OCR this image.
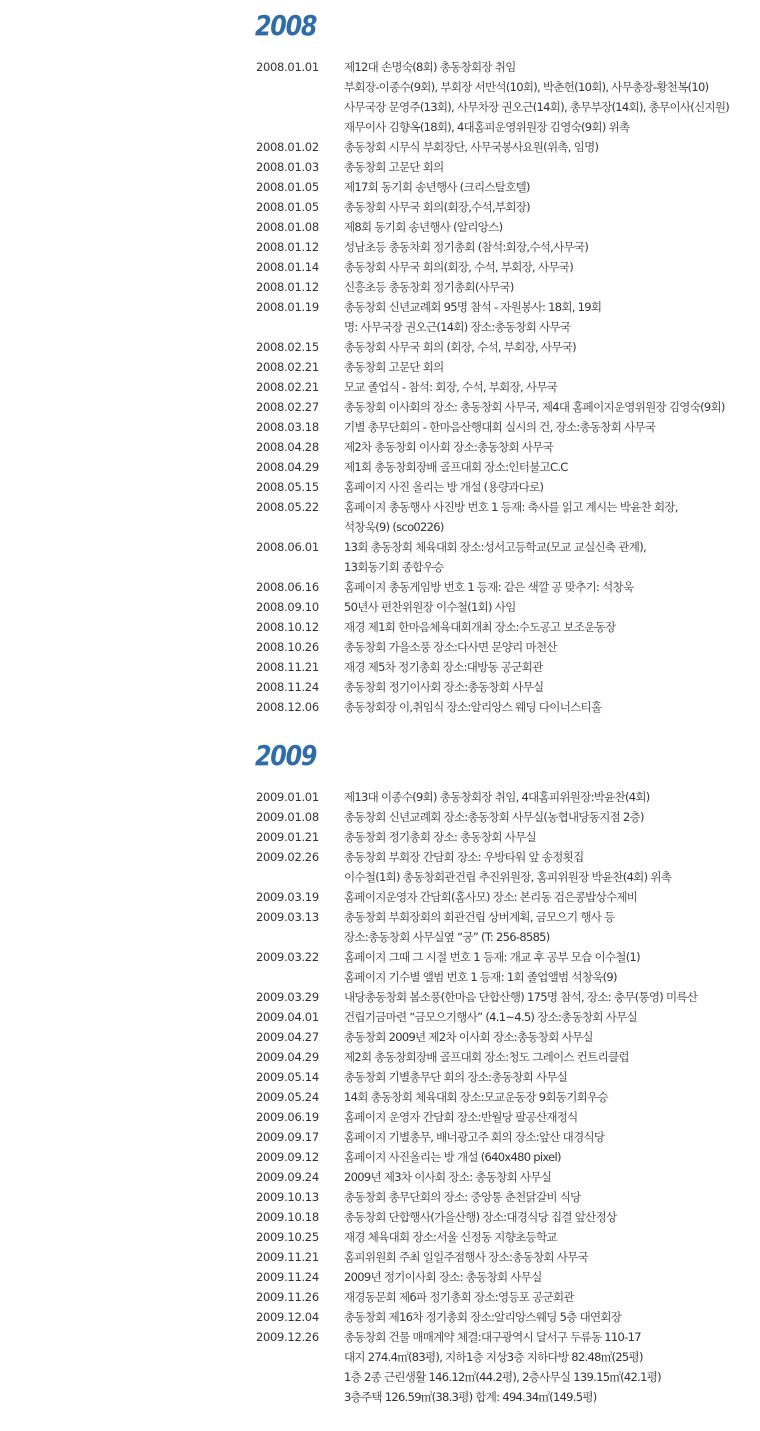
2008
2008.01.01 제12대 손명숙(8회) 총동창회장 취임
부회장-이종수(9회), 부회장 서만석(10회), 박춘헌(10회), 사무총장-황천복(10)
사무국장 문영주(13회), 사무차장 권오근(14회), 총무부장(14회), 총무이사(신지원)
재무이사 김향옥(18회), 4대홈피운영위원장 김영숙(9회) 위촉
2008.01.02 총동창회 시무식 부회장단, 사무국봉사요원(위촉, 임명)
2008.01.03 총동창회 고문단 회의
2008.01.05 제17회 동기회 송년행사 (크리스탈호텔)
2008.01.05 총동창회 사무국 회의(회장,수석,부회장)
2008.01.08 제8회 동기회 송년행사 (알리앙스)
2008.01.12 성남초등 총동차회 정기총회 (참석:회장,수석,사무국)
2008.01.14 총동창회 사무국 회의(회장, 수석, 부회장, 사무국)
2008.01.12 신흥초등 총동창회 정기총회(사무국)
2008.01.19 총동창회 신년교례회 95명 참석 - 자원봉사: 18회, 19회
명: 사무국장 권오근(14회) 장소:총동창회 사무국
2008.02.15 총동창회 사무국 회의 (회장, 수석, 부회장, 사무국)
2008.02.21 총동창회 고문단 회의
2008.02.21 모교 졸업식 - 참석: 회장, 수석, 부회장, 사무국
2008.02.27 총동창회 이사회의 장소: 총동창회 사무국, 제4대 홈페이지운영위원장 김영숙(9회)
2008.03.18 기별 총무단회의 - 한마음산행대회 실시의 건, 장소:총동창회 사무국
2008.04.28 제2차 총동창회 이사회 장소:총동창회 사무국
2008.04.29 제1회 총동창회장배 골프대회 장소:인터불고C.C
2008.05.15 홈페이지 사진 올리는 방 개설 (용량과다로)
2008.05.22 홈페이지 총동행사 사진방 번호 1 등재: 축사를 읽고 계시는 박윤찬 회장,
석창욱(9) (sco0226)
2008.06.01 13회 총동창회 체육대회 장소:성서고등학교(모교 교실신축 관계),
13회동기회 종합우승
2008.06.16 홈페이지 총동게임방 번호 1 등재: 같은 색깔 공 맞추기: 석창욱
2008.09.10 50년사 편찬위원장 이수철(1회) 사임
2008.10.12 재경 제1회 한마음체육대회개최 장소:수도공고 보조운동장
2008.10.26 총동창회 가을소풍 장소:다사면 문양리 마천산
2008.11.21 재경 제5차 정기총회 장소:대방동 공군회관
2008.11.24 총동창회 정기이사회 장소:총동창회 사무실
2008.12.06 총동창회장 이,취임식 장소:알리앙스 웨딩 다이너스티홀
2009
2009.01.01 제13대 이종수(9회) 총동창회장 취임, 4대홈피위원장:박윤찬(4회)
2009.01.08 총동창회 신년교례회 장소:총동창회 사무실(농협내당동지점 2층)
2009.01.21 총동창회 정기총회 장소: 총동창회 사무실
2009.02.26 총동창회 부회장 간담회 장소: 우방타워 앞 송정횟집
이수철(1회) 총동창회관건립 추진위원장, 홈피위원장 박윤찬(4회) 위촉
2009.03.19 홈페이지운영자 간담회(홈사모) 장소: 본리동 검은콩밥상수제비
2009.03.13 총동창회 부회장회의 회관건립 상버계획, 금모으기 행사 등
장소:총동창회 사무실옆 “궁” (T: 256-8585)
2009.03.22 홈페이지 그때 그 시절 번호 1 등재: 개교 후 공부 모습 이수철(1)
홈페이지 기수별 앨범 번호 1 등재: 1회 졸업앨범 석창욱(9)
2009.03.29 내당총동창회 봄소풍(한마음 단합산행) 175명 참석, 장소: 충무(통영) 미륵산
2009.04.01 건립기금마련 “금모으기행사” (4.1~4.5) 장소:총동창회 사무실
2009.04.27 총동창회 2009년 제2차 이사회 장소:총동창회 사무실
2009.04.29 제2회 총동창회장배 골프대회 장소:청도 그레이스 컨트리클럽
2009.05.14 총동창회 기별총무단 회의 장소:총동창회 사무실
2009.05.24 14회 총동창회 체육대회 장소:모교운동장 9회동기회우승
2009.06.19 홈페이지 운영자 간담회 장소:반월당 팔공산재정식
2009.09.17 홈페이지 기별총무, 배너광고주 회의 장소:앞산 대경식당
2009.09.12 홈페이지 사진올리는 방 개설 (640x480 pixel)
2009.09.24 2009년 제3차 이사회 장소: 총동창회 사무실
2009.10.13 총동창회 총무단회의 장소: 중앙통 춘천닭갈비 식당
2009.10.18 총동창회 단합행사(가을산행) 장소:대경식당 집결 앞산정상
2009.10.25 재경 체육대회 장소:서울 신정동 지향초등학교
2009.11.21 홈피위원회 주최 일일주점행사 장소:총동창회 사무국
2009.11.24 2009년 정기이사회 장소: 총동창회 사무실
2009.11.26 재경동문회 제6파 정기총회 장소:영등포 공군회관
2009.12.04 총동창회 제16차 정기총회 장소:알리앙스웨딩 5층 대연회장
2009.12.26 총동창회 건물 매매계약 체결:대구광역시 달서구 두류동 110-17
대지 274.4㎡(83평), 지하1층 지상3층 지하다방 82.48㎡(25평)
1층 2종 근린생활 146.12㎡(44.2평), 2층사무실 139.15㎡(42.1평)
3층주택 126.59㎡(38.3평) 합계: 494.34㎡(149.5평)
